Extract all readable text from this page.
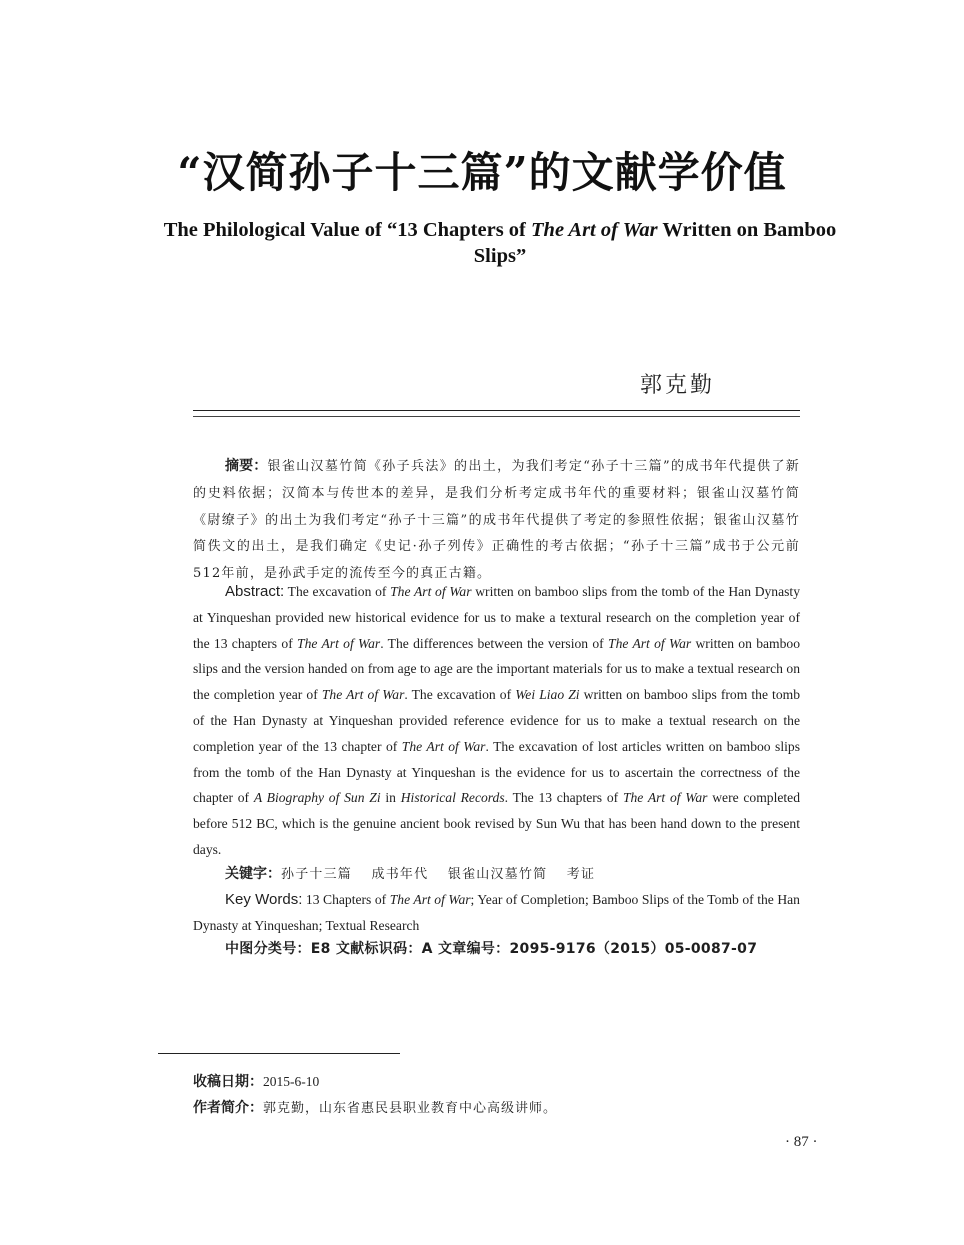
“汉简孙子十三篇”的文献学价值
The Philological Value of “13 Chapters of The Art of War Written on Bamboo Slips”
郭克勤
摘要：银雀山汉墓竹简《孙子兵法》的出土，为我们考定“孙子十三篇”的成书年代提供了新的史料依据；汉简本与传世本的差异，是我们分析考定成书年代的重要材料；银雀山汉墓竹简《尉缭子》的出土为我们考定“孙子十三篇”的成书年代提供了考定的参照性依据；银雀山汉墓竹简佚文的出土，是我们确定《史记·孙子列传》正确性的考古依据；“孙子十三篇”成书于公元前512年前，是孙武手定的流传至今的真正古籍。
Abstract: The excavation of The Art of War written on bamboo slips from the tomb of the Han Dynasty at Yinqueshan provided new historical evidence for us to make a textural research on the completion year of the 13 chapters of The Art of War. The differences between the version of The Art of War written on bamboo slips and the version handed on from age to age are the important materials for us to make a textual research on the completion year of The Art of War. The excavation of Wei Liao Zi written on bamboo slips from the tomb of the Han Dynasty at Yinqueshan provided reference evidence for us to make a textual research on the completion year of the 13 chapter of The Art of War. The excavation of lost articles written on bamboo slips from the tomb of the Han Dynasty at Yinqueshan is the evidence for us to ascertain the correctness of the chapter of A Biography of Sun Zi in Historical Records. The 13 chapters of The Art of War were completed before 512 BC, which is the genuine ancient book revised by Sun Wu that has been hand down to the present days.
关键字：孙子十三篇　 成书年代　 银雀山汉墓竹简　 考证
Key Words: 13 Chapters of The Art of War; Year of Completion; Bamboo Slips of the Tomb of the Han Dynasty at Yinqueshan; Textual Research
中图分类号：E8 文献标识码：A 文章编号：2095-9176（2015）05-0087-07
收稿日期：2015-6-10
作者简介：郭克勤，山东省惠民县职业教育中心高级讲师。
· 87 ·
